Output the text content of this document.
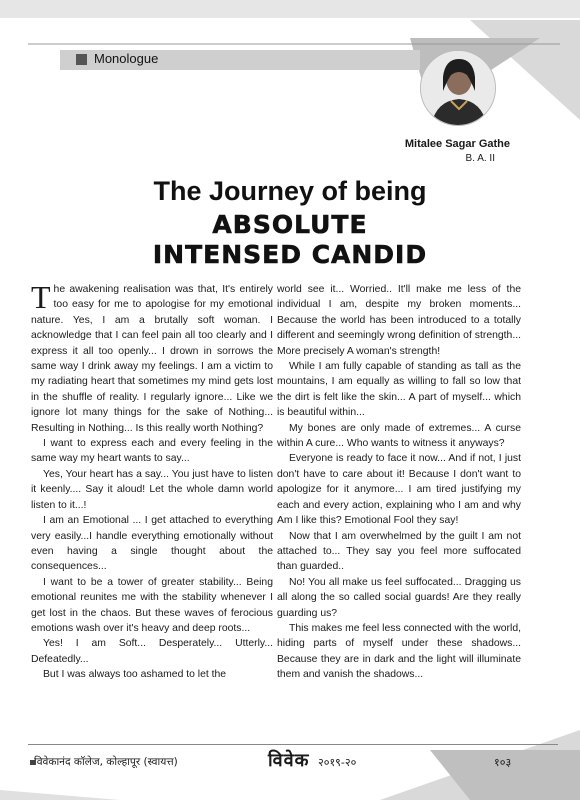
Monologue
Mitalee Sagar Gathe
B. A. II
The Journey of being
ABSOLUTE
INTENSED CANDID

The awakening realisation was that, It's entirely too easy for me to apologise for my emotional nature. Yes, I am a brutally soft woman. I acknowledge that I can feel pain all too clearly and I express it all too openly... I drown in sorrows the same way I drink away my feelings. I am a victim to my radiating heart that sometimes my mind gets lost in the shuffle of reality. I regularly ignore... Like we ignore lot many things for the sake of Nothing... Resulting in Nothing... Is this really worth Nothing?

I want to express each and every feeling in the same way my heart wants to say...

Yes, Your heart has a say... You just have to listen it keenly.... Say it aloud! Let the whole damn world listen to it...!

I am an Emotional ... I get attached to everything very easily...I handle everything emotionally without even having a single thought about the consequences...

I want to be a tower of greater stability... Being emotional reunites me with the stability whenever I get lost in the chaos. But these waves of ferocious emotions wash over it's heavy and deep roots...

Yes! I am Soft... Desperately... Utterly... Defeatedly...

But I was always too ashamed to let the

world see it... Worried.. It'll make me less of the individual I am, despite my broken moments... Because the world has been introduced to a totally different and seemingly wrong definition of strength... More precisely A woman's strength!

While I am fully capable of standing as tall as the mountains, I am equally as willing to fall so low that the dirt is felt like the skin... A part of myself... which is beautiful within...

My bones are only made of extremes... A curse within A cure... Who wants to witness it anyways?

Everyone is ready to face it now... And if not, I just don't have to care about it! Because I don't want to apologize for it anymore... I am tired justifying my each and every action, explaining who I am and why Am I like this? Emotional Fool they say!

Now that I am overwhelmed by the guilt I am not attached to... They say you feel more suffocated than guarded..

No! You all make us feel suffocated... Dragging us all along the so called social guards! Are they really guarding us?

This makes me feel less connected with the world, hiding parts of myself under these shadows... Because they are in dark and the light will illuminate them and vanish the shadows...

विवेकानंद कॉलेज, कोल्हापूर (स्वायत्त)	विवेक २०१९-२०	१०३
